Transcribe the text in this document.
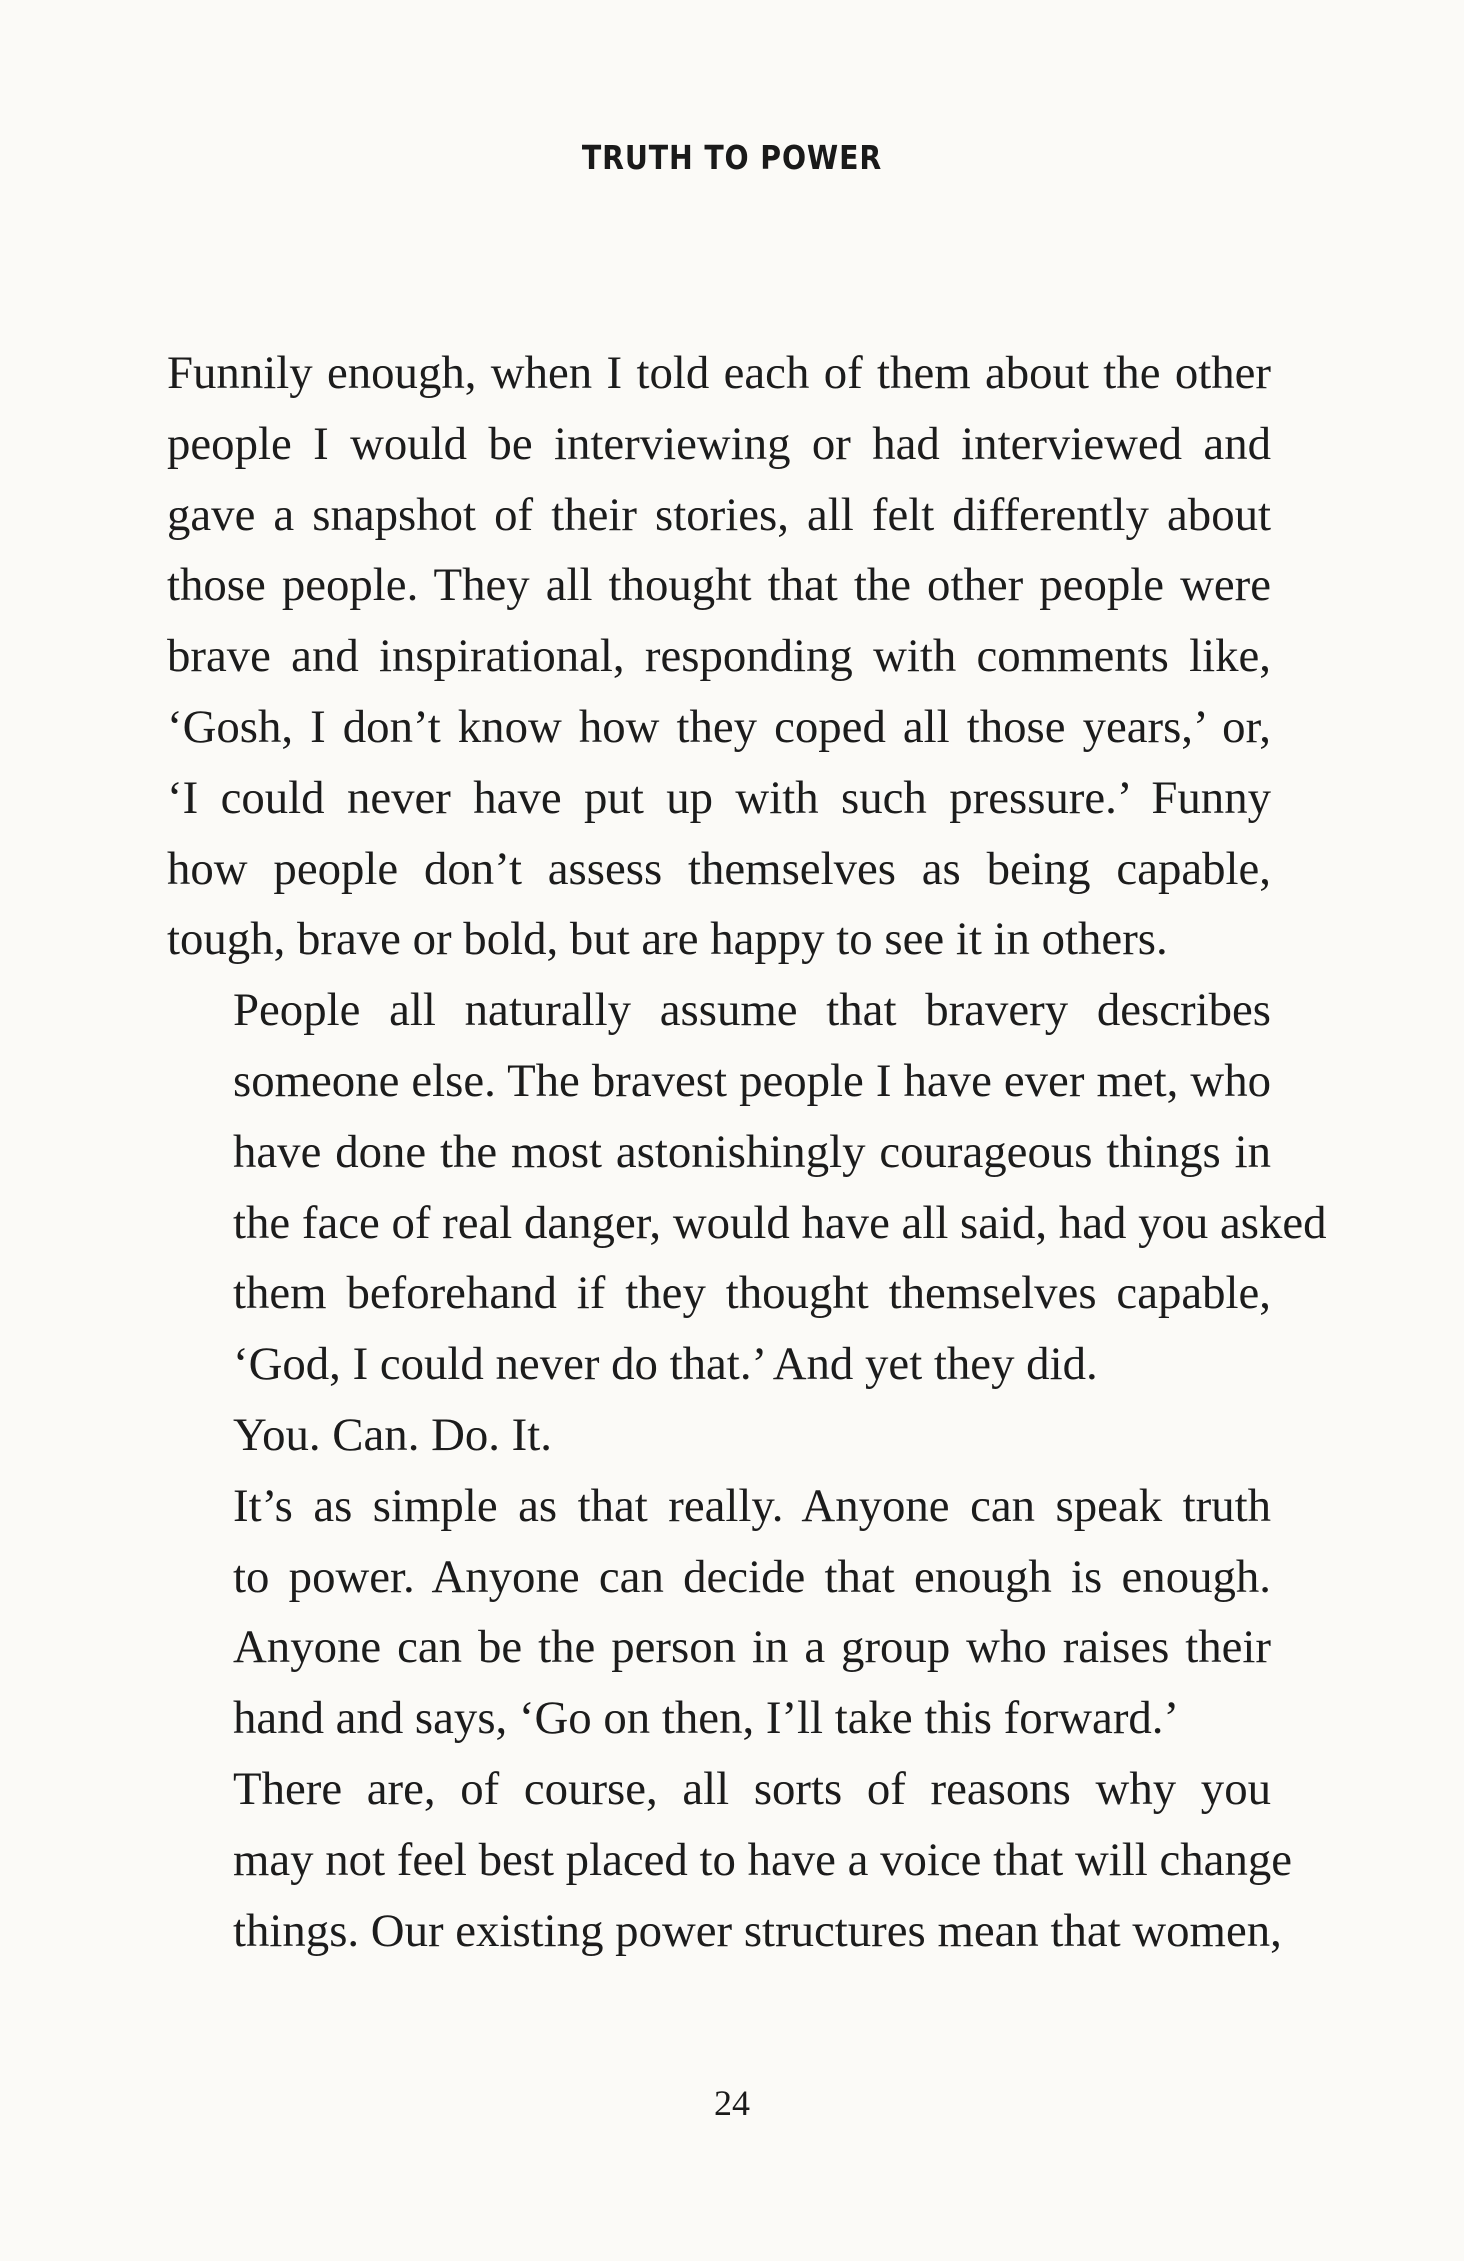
TRUTH TO POWER

Funnily enough, when I told each of them about the other
people I would be interviewing or had interviewed and
gave a snapshot of their stories, all felt differently about
those people. They all thought that the other people were
brave and inspirational, responding with comments like,
‘Gosh, I don’t know how they coped all those years,’ or,
‘I could never have put up with such pressure.’ Funny
how people don’t assess themselves as being capable,
tough, brave or bold, but are happy to see it in others.

People all naturally assume that bravery describes
someone else. The bravest people I have ever met, who
have done the most astonishingly courageous things in
the face of real danger, would have all said, had you asked
them beforehand if they thought themselves capable,
‘God, I could never do that.’ And yet they did.

You. Can. Do. It.

It’s as simple as that really. Anyone can speak truth
to power. Anyone can decide that enough is enough.
Anyone can be the person in a group who raises their
hand and says, ‘Go on then, I’ll take this forward.’

There are, of course, all sorts of reasons why you
may not feel best placed to have a voice that will change
things. Our existing power structures mean that women,

24
